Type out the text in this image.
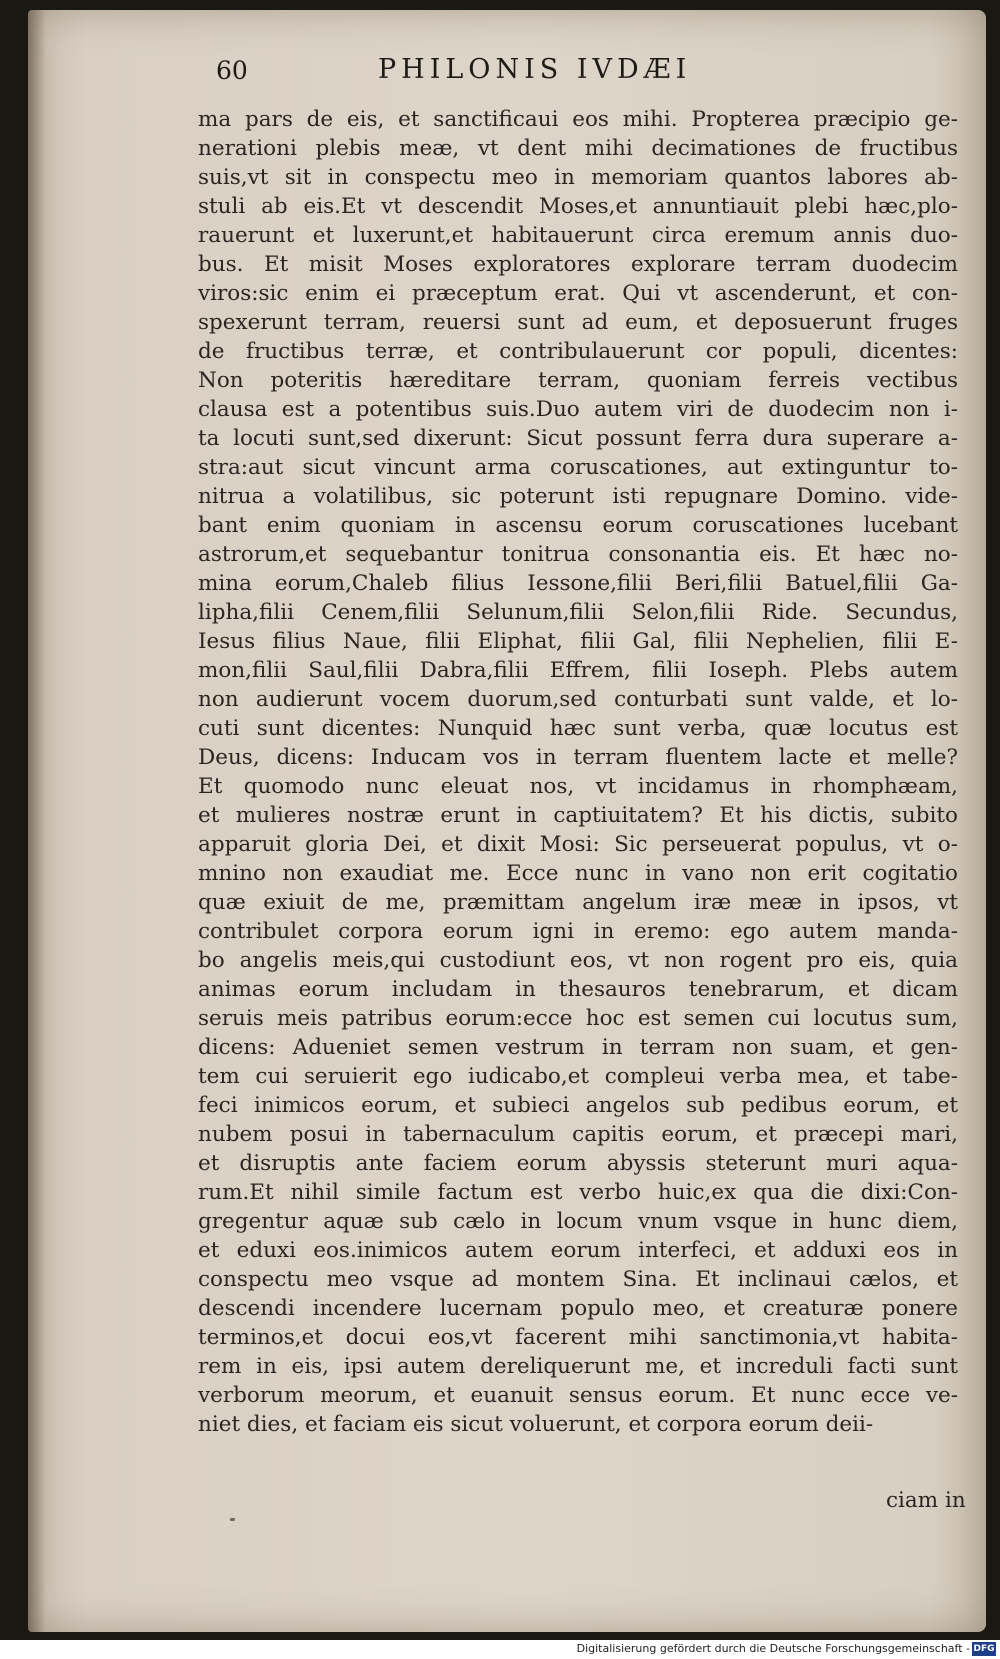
60	PHILONIS IVDÆI
ma pars de eis, et sanctificaui eos mihi. Propterea præcipio ge-
nerationi plebis meæ, vt dent mihi decimationes de fructibus
suis,vt sit in conspectu meo in memoriam quantos labores ab-
stuli ab eis.Et vt descendit Moses,et annuntiauit plebi hæc,plo-
rauerunt et luxerunt,et habitauerunt circa eremum annis duo-
bus. Et misit Moses exploratores explorare terram duodecim
viros:sic enim ei præceptum erat. Qui vt ascenderunt, et con-
spexerunt terram, reuersi sunt ad eum, et deposuerunt fruges
de fructibus terræ, et contribulauerunt cor populi, dicentes:
Non poteritis hæreditare terram, quoniam ferreis vectibus
clausa est a potentibus suis.Duo autem viri de duodecim non i-
ta locuti sunt,sed dixerunt: Sicut possunt ferra dura superare a-
stra:aut sicut vincunt arma coruscationes, aut extinguntur to-
nitrua a volatilibus, sic poterunt isti repugnare Domino. vide-
bant enim quoniam in ascensu eorum coruscationes lucebant
astrorum,et sequebantur tonitrua consonantia eis. Et hæc no-
mina eorum,Chaleb filius Iessone,filii Beri,filii Batuel,filii Ga-
lipha,filii Cenem,filii Selunum,filii Selon,filii Ride. Secundus,
Iesus filius Naue, filii Eliphat, filii Gal, filii Nephelien, filii E-
mon,filii Saul,filii Dabra,filii Effrem, filii Ioseph. Plebs autem
non audierunt vocem duorum,sed conturbati sunt valde, et lo-
cuti sunt dicentes: Nunquid hæc sunt verba, quæ locutus est
Deus, dicens: Inducam vos in terram fluentem lacte et melle?
Et quomodo nunc eleuat nos, vt incidamus in rhomphæam,
et mulieres nostræ erunt in captiuitatem? Et his dictis, subito
apparuit gloria Dei, et dixit Mosi: Sic perseuerat populus, vt o-
mnino non exaudiat me. Ecce nunc in vano non erit cogitatio
quæ exiuit de me, præmittam angelum iræ meæ in ipsos, vt
contribulet corpora eorum igni in eremo: ego autem manda-
bo angelis meis,qui custodiunt eos, vt non rogent pro eis, quia
animas eorum includam in thesauros tenebrarum, et dicam
seruis meis patribus eorum:ecce hoc est semen cui locutus sum,
dicens: Adueniet semen vestrum in terram non suam, et gen-
tem cui seruierit ego iudicabo,et compleui verba mea, et tabe-
feci inimicos eorum, et subieci angelos sub pedibus eorum, et
nubem posui in tabernaculum capitis eorum, et præcepi mari,
et disruptis ante faciem eorum abyssis steterunt muri aqua-
rum.Et nihil simile factum est verbo huic,ex qua die dixi:Con-
gregentur aquæ sub cælo in locum vnum vsque in hunc diem,
et eduxi eos.inimicos autem eorum interfeci, et adduxi eos in
conspectu meo vsque ad montem Sina. Et inclinaui cælos, et
descendi incendere lucernam populo meo, et creaturæ ponere
terminos,et docui eos,vt facerent mihi sanctimonia,vt habita-
rem in eis, ipsi autem dereliquerunt me, et increduli facti sunt
verborum meorum, et euanuit sensus eorum. Et nunc ecce ve-
niet dies, et faciam eis sicut voluerunt, et corpora eorum deii-
ciam in
Digitalisierung gefördert durch die Deutsche Forschungsgemeinschaft - DFG
